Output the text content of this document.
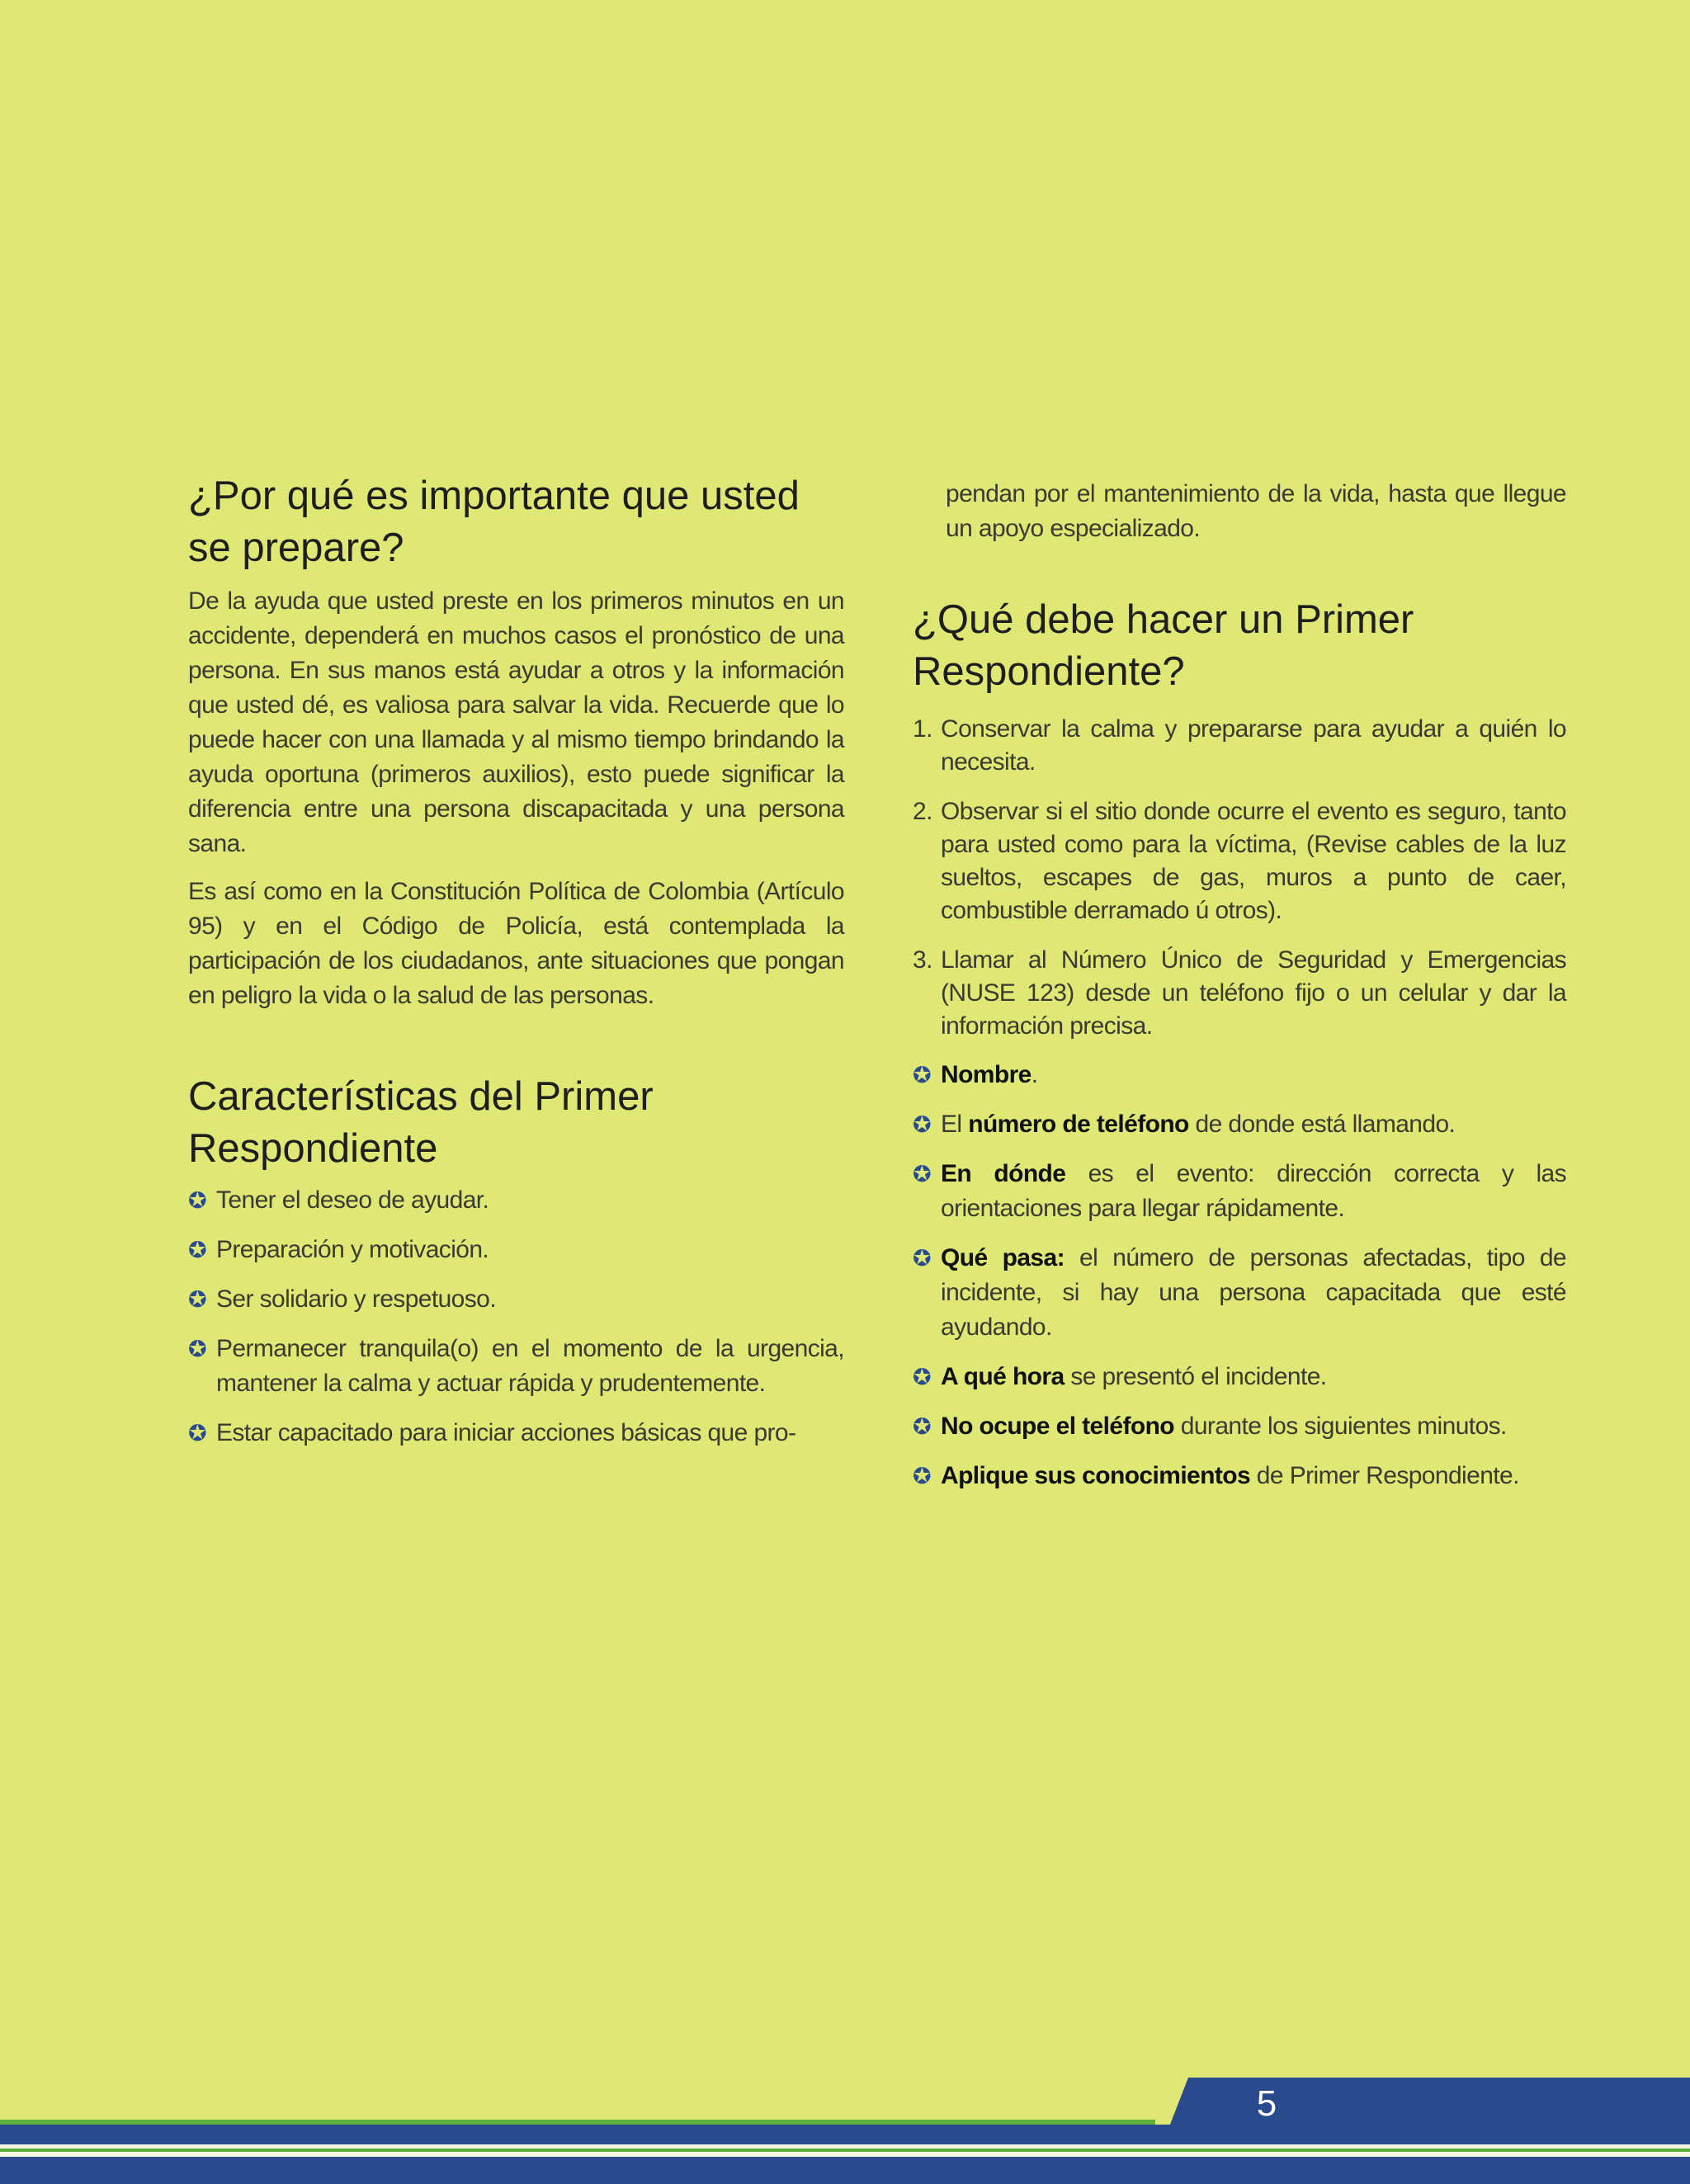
¿Por qué es importante que usted se prepare?

De la ayuda que usted preste en los primeros minutos en un accidente, dependerá en muchos casos el pronóstico de una persona. En sus manos está ayudar a otros y la información que usted dé, es valiosa para salvar la vida. Recuerde que lo puede hacer con una llamada y al mismo tiempo brindando la ayuda oportuna (primeros auxilios), esto puede significar la diferencia entre una persona discapacitada y una persona sana.

Es así como en la Constitución Política de Colombia (Artículo 95) y en el Código de Policía, está contemplada la participación de los ciudadanos, ante situaciones que pongan en peligro la vida o la salud de las personas.

Características del Primer Respondiente
✪ Tener el deseo de ayudar.
✪ Preparación y motivación.
✪ Ser solidario y respetuoso.
✪ Permanecer tranquila(o) en el momento de la urgencia, mantener la calma y actuar rápida y prudentemente.
✪ Estar capacitado para iniciar acciones básicas que pro-

pendan por el mantenimiento de la vida, hasta que llegue un apoyo especializado.

¿Qué debe hacer un Primer Respondiente?
1. Conservar la calma y prepararse para ayudar a quién lo necesita.
2. Observar si el sitio donde ocurre el evento es seguro, tanto para usted como para la víctima, (Revise cables de la luz sueltos, escapes de gas, muros a punto de caer, combustible derramado ú otros).
3. Llamar al Número Único de Seguridad y Emergencias (NUSE 123) desde un teléfono fijo o un celular y dar la información precisa.
✪ Nombre.
✪ El número de teléfono de donde está llamando.
✪ En dónde es el evento: dirección correcta y las orientaciones para llegar rápidamente.
✪ Qué pasa: el número de personas afectadas, tipo de incidente, si hay una persona capacitada que esté ayudando.
✪ A qué hora se presentó el incidente.
✪ No ocupe el teléfono durante los siguientes minutos.
✪ Aplique sus conocimientos de Primer Respondiente.
5
